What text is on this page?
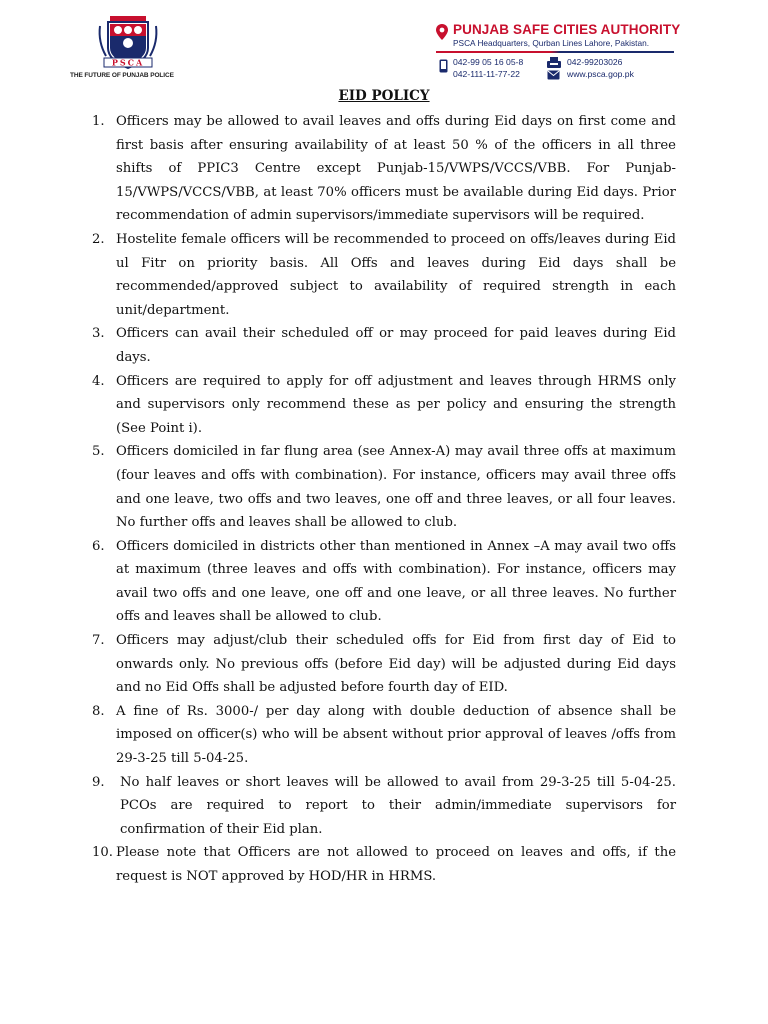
PSCA
THE FUTURE OF PUNJAB POLICE
PUNJAB SAFE CITIES AUTHORITY
PSCA Headquarters, Qurban Lines Lahore, Pakistan.
042-99 05 16 05-8
042-111-11-77-22
042-99203026
www.psca.gop.pk
EID POLICY
1. Officers may be allowed to avail leaves and offs during Eid days on first come and first basis after ensuring availability of at least 50 % of the officers in all three shifts of PPIC3 Centre except Punjab-15/VWPS/VCCS/VBB. For Punjab-15/VWPS/VCCS/VBB, at least 70% officers must be available during Eid days. Prior recommendation of admin supervisors/immediate supervisors will be required.
2. Hostelite female officers will be recommended to proceed on offs/leaves during Eid ul Fitr on priority basis. All Offs and leaves during Eid days shall be recommended/approved subject to availability of required strength in each unit/department.
3. Officers can avail their scheduled off or may proceed for paid leaves during Eid days.
4. Officers are required to apply for off adjustment and leaves through HRMS only and supervisors only recommend these as per policy and ensuring the strength (See Point i).
5. Officers domiciled in far flung area (see Annex-A) may avail three offs at maximum (four leaves and offs with combination). For instance, officers may avail three offs and one leave, two offs and two leaves, one off and three leaves, or all four leaves. No further offs and leaves shall be allowed to club.
6. Officers domiciled in districts other than mentioned in Annex –A may avail two offs at maximum (three leaves and offs with combination). For instance, officers may avail two offs and one leave, one off and one leave, or all three leaves. No further offs and leaves shall be allowed to club.
7. Officers may adjust/club their scheduled offs for Eid from first day of Eid to onwards only. No previous offs (before Eid day) will be adjusted during Eid days and no Eid Offs shall be adjusted before fourth day of EID.
8. A fine of Rs. 3000-/ per day along with double deduction of absence shall be imposed on officer(s) who will be absent without prior approval of leaves /offs from 29-3-25 till 5-04-25.
9. No half leaves or short leaves will be allowed to avail from 29-3-25 till 5-04-25. PCOs are required to report to their admin/immediate supervisors for confirmation of their Eid plan.
10. Please note that Officers are not allowed to proceed on leaves and offs, if the request is NOT approved by HOD/HR in HRMS.
